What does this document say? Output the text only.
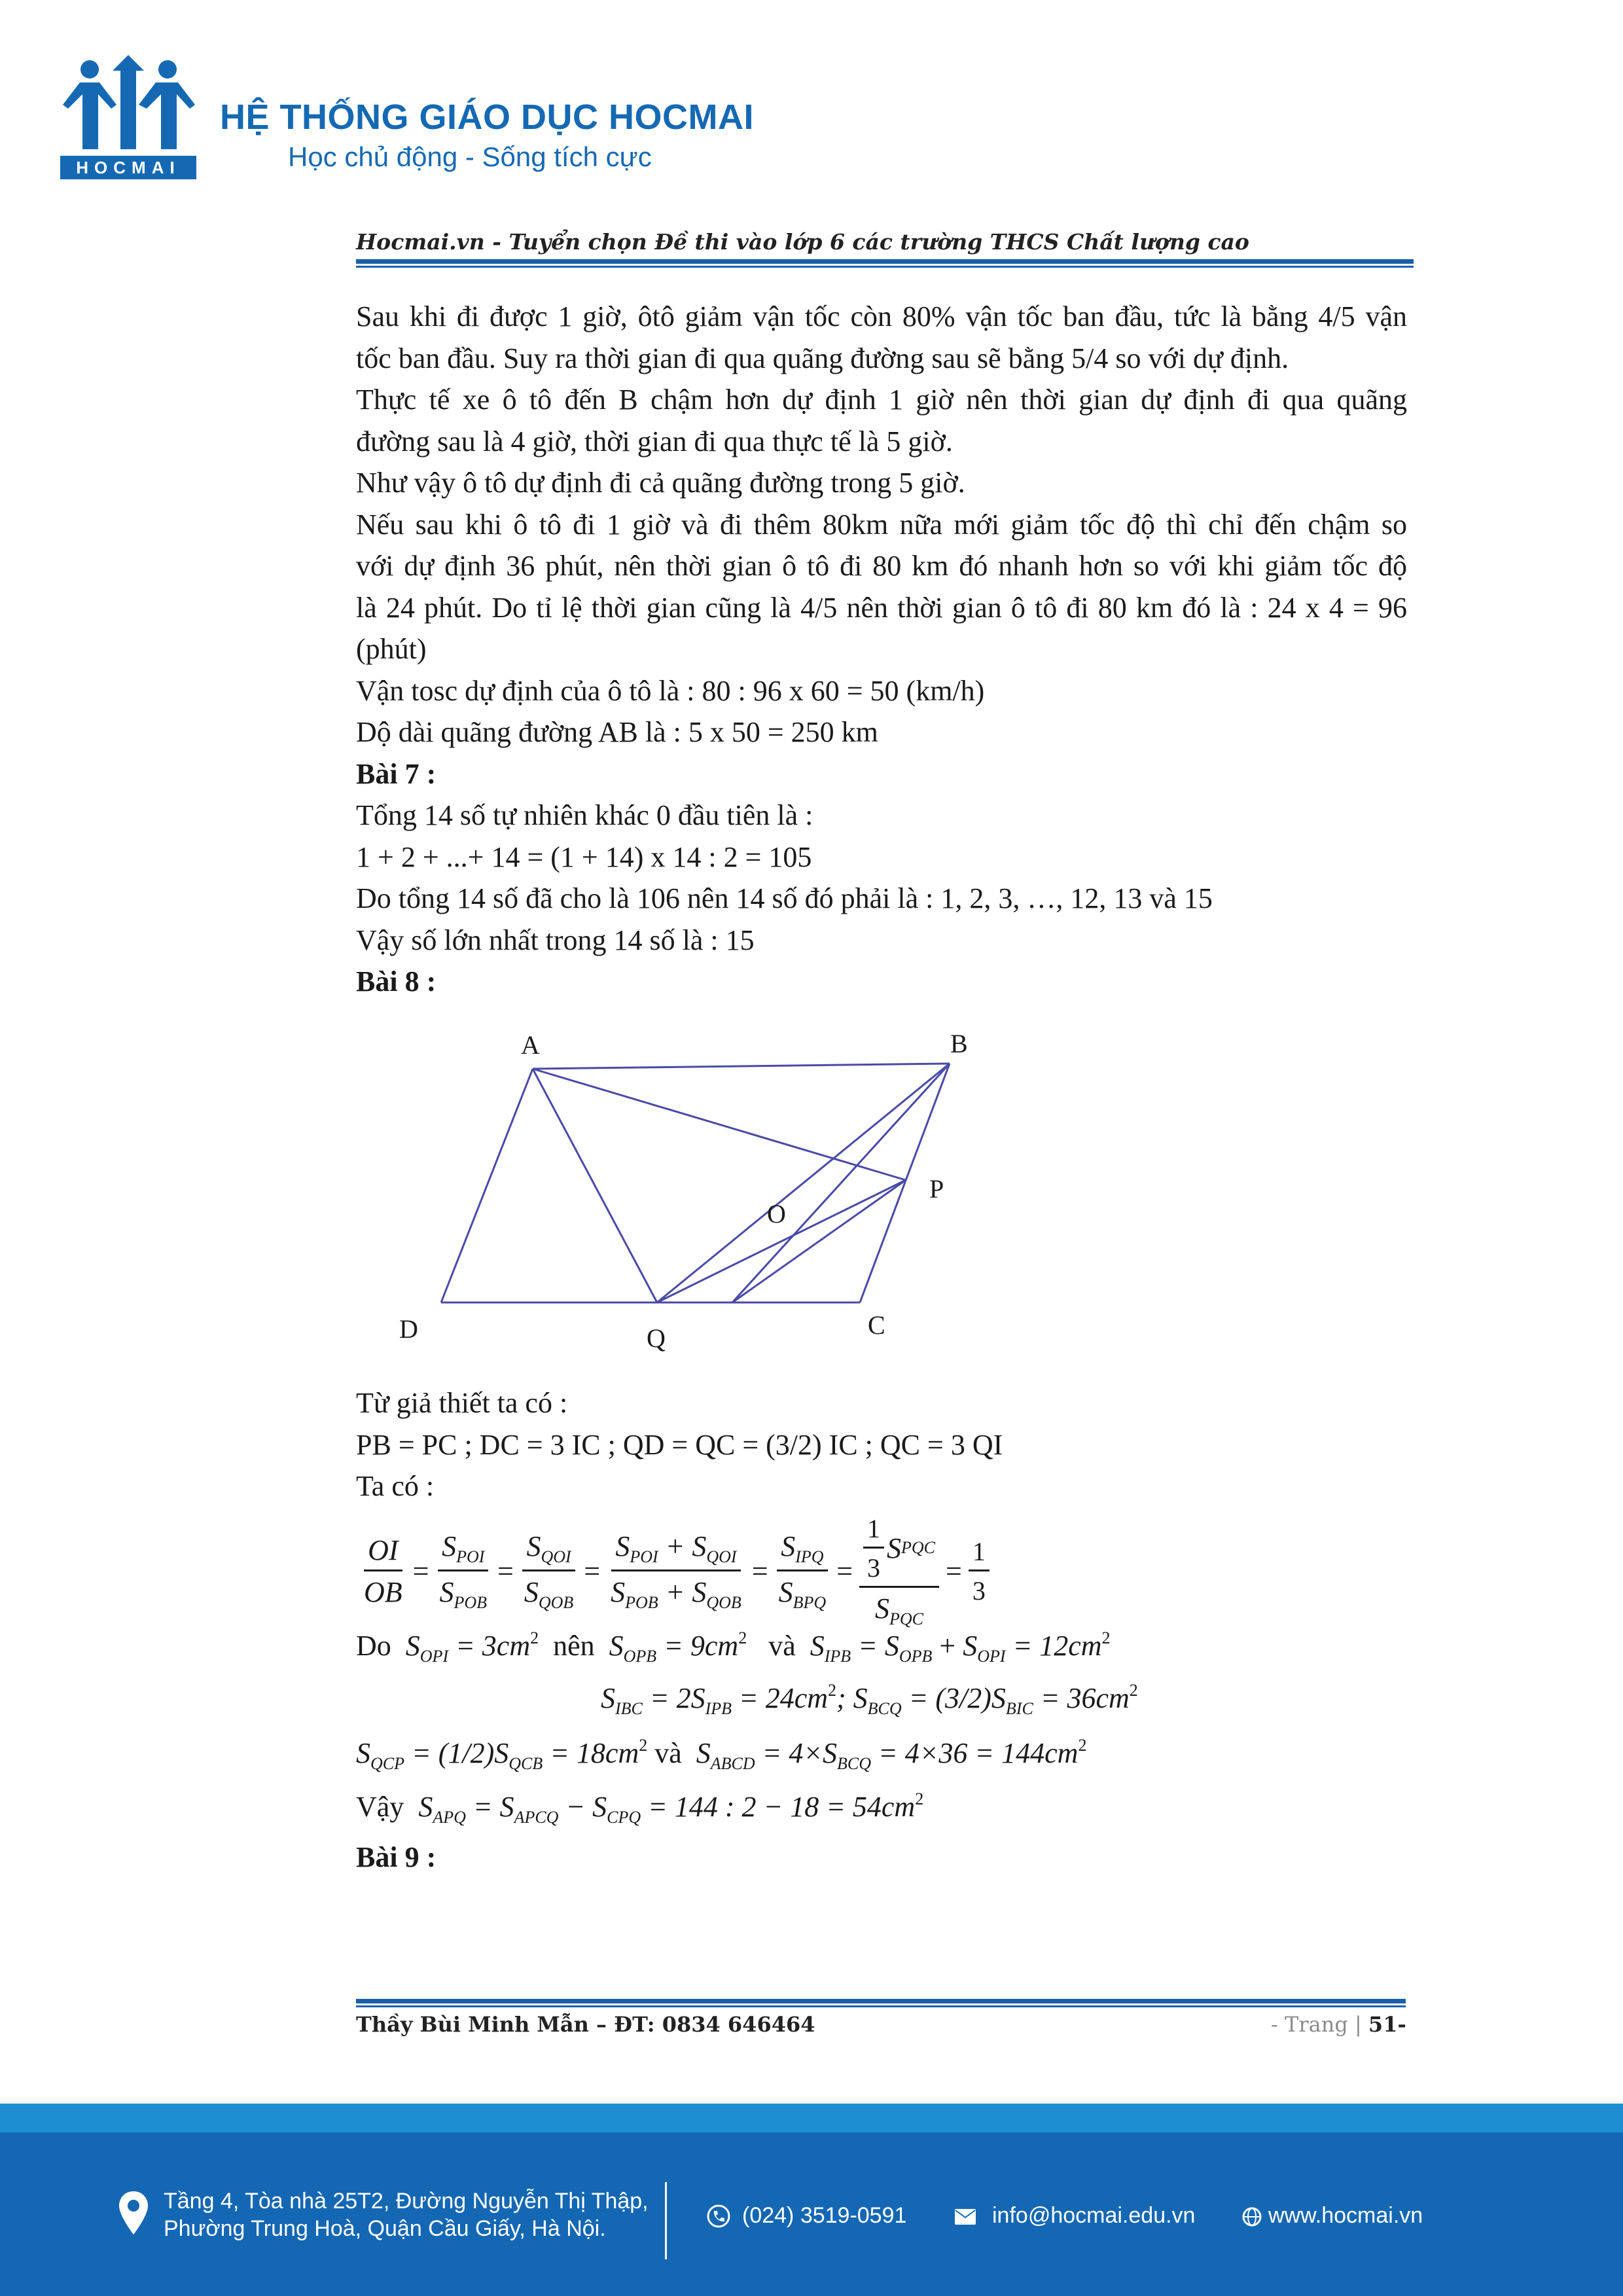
HOCMAI
HỆ THỐNG GIÁO DỤC HOCMAI
Học chủ động - Sống tích cực
Hocmai.vn - Tuyển chọn Đề thi vào lớp 6 các trường THCS Chất lượng cao

Sau khi đi được 1 giờ, ôtô giảm vận tốc còn 80% vận tốc ban đầu, tức là bằng 4/5 vận

tốc ban đầu. Suy ra thời gian đi qua quãng đường sau sẽ bằng 5/4 so với dự định.

Thực tế xe ô tô đến B chậm hơn dự định 1 giờ nên thời gian dự định đi qua quãng

đường sau là 4 giờ, thời gian đi qua thực tế là 5 giờ.

Như vậy ô tô dự định đi cả quãng đường trong 5 giờ.

Nếu sau khi ô tô đi 1 giờ và đi thêm 80km nữa mới giảm tốc độ thì chỉ đến chậm so

với dự định 36 phút, nên thời gian ô tô đi 80 km đó nhanh hơn so với khi giảm tốc độ

là 24 phút. Do tỉ lệ thời gian cũng là 4/5 nên thời gian ô tô đi 80 km đó là : 24 x 4 = 96

(phút)

Vận tosc dự định của ô tô là : 80 : 96 x 60 = 50 (km/h)

Dộ dài quãng đường AB là : 5 x 50 = 250 km

Bài 7 :

Tổng 14 số tự nhiên khác 0 đầu tiên là :

1 + 2 + ...+ 14 = (1 + 14) x 14 : 2 = 105

Do tổng 14 số đã cho là 106 nên 14 số đó phải là : 1, 2, 3, …, 12, 13 và 15

Vậy số lớn nhất trong 14 số là : 15

Bài 8 :

A	B
C
D
P
Q
O

Từ giả thiết ta có :

PB = PC ; DC = 3 IC ; QD = QC = (3/2) IC ; QC = 3 QI

Ta có :

$\frac{OI}{OB} = \frac{S_{POI}}{S_{POB}} = \frac{S_{QOI}}{S_{QOB}} = \frac{S_{POI} + S_{QOI}}{S_{POB} + S_{QOB}} = \frac{S_{IPQ}}{S_{BPQ}} = \frac{\frac{1}{3} S PQC}{S_{PQC}} = \frac{1}{3}$
Do $S_{OPI} = 3cm^2$ nên $S_{OPB} = 9cm^2$ và $S_{IPB} = S_{OPB} + S_{OPI} = 12cm^2$
$S_{IBC} = 2S_{IPB} = 24cm^2$; $S_{BCQ} = (3/2)S_{BIC} = 36cm^2$
$S_{QCP} = (1/2)S_{QCB} = 18cm^2$ và $S_{ABCD} = 4\times S_{BCQ} = 4\times 36 = 144cm^2$
Vậy $S_{APQ} = S_{APCQ} - S_{CPQ} = 144$ : $2 - 18 = 54cm^2$
Bài 9 :
Thầy Bùi Minh Mẫn – ĐT: 0834 646464	- Trang | 51-
Tầng 4, Tòa nhà 25T2, Đường Nguyễn Thị Thập,
Phường Trung Hoà, Quận Cầu Giấy, Hà Nội.
(024) 3519-0591	info@hocmai.edu.vn	www.hocmai.vn
